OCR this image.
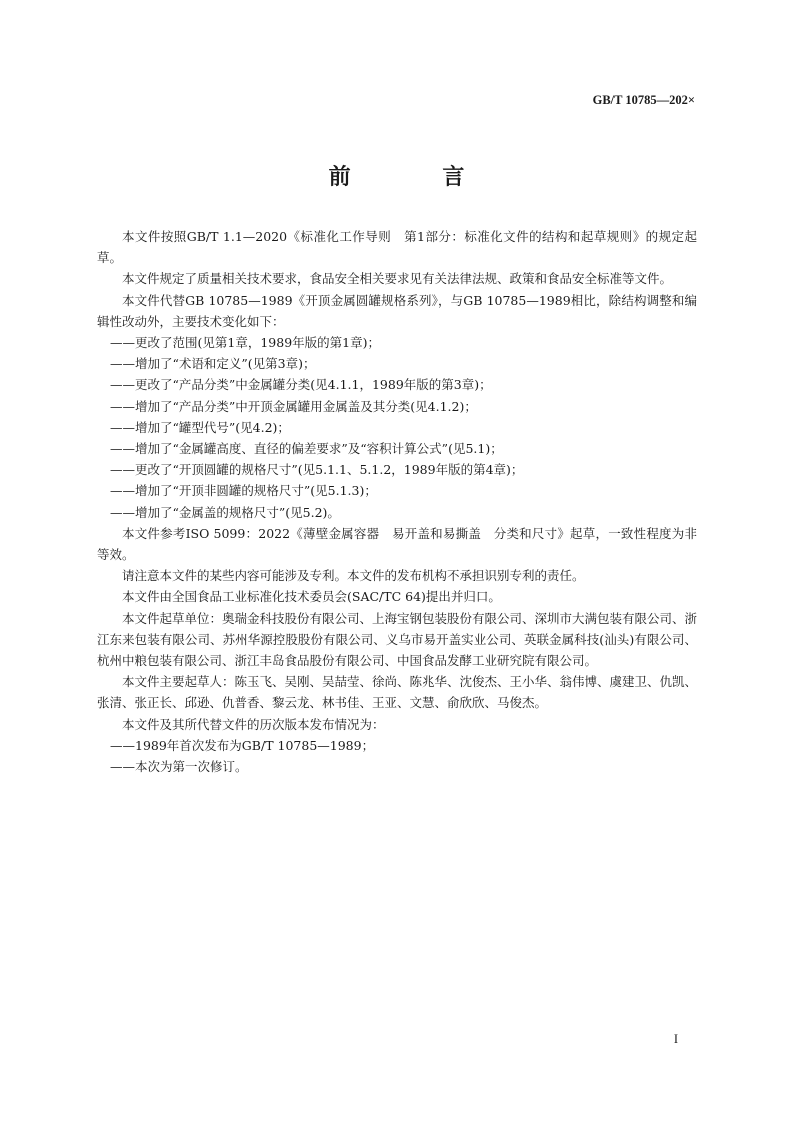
GB/T 10785—202×
前 言

本文件按照GB/T 1.1—2020《标准化工作导则　第1部分：标准化文件的结构和起草规则》的规定起草。

本文件规定了质量相关技术要求，食品安全相关要求见有关法律法规、政策和食品安全标准等文件。

本文件代替GB 10785—1989《开顶金属圆罐规格系列》，与GB 10785—1989相比，除结构调整和编辑性改动外，主要技术变化如下：

——更改了范围(见第1章，1989年版的第1章)；

——增加了“术语和定义”(见第3章)；

——更改了“产品分类”中金属罐分类(见4.1.1，1989年版的第3章)；

——增加了“产品分类”中开顶金属罐用金属盖及其分类(见4.1.2)；

——增加了“罐型代号”(见4.2)；

——增加了“金属罐高度、直径的偏差要求”及“容积计算公式”(见5.1)；

——更改了“开顶圆罐的规格尺寸”(见5.1.1、5.1.2，1989年版的第4章)；

——增加了“开顶非圆罐的规格尺寸”(见5.1.3)；

——增加了“金属盖的规格尺寸”(见5.2)。

本文件参考ISO 5099：2022《薄壁金属容器　易开盖和易撕盖　分类和尺寸》起草，一致性程度为非等效。

请注意本文件的某些内容可能涉及专利。本文件的发布机构不承担识别专利的责任。

本文件由全国食品工业标准化技术委员会(SAC/TC 64)提出并归口。

本文件起草单位：奥瑞金科技股份有限公司、上海宝钢包装股份有限公司、深圳市大满包装有限公司、浙江东来包装有限公司、苏州华源控股股份有限公司、义乌市易开盖实业公司、英联金属科技(汕头)有限公司、杭州中粮包装有限公司、浙江丰岛食品股份有限公司、中国食品发酵工业研究院有限公司。

本文件主要起草人：陈玉飞、吴刚、吴喆莹、徐尚、陈兆华、沈俊杰、王小华、翁伟博、虞建卫、仇凯、张清、张正长、邱逊、仇普香、黎云龙、林书佳、王亚、文慧、俞欣欣、马俊杰。

本文件及其所代替文件的历次版本发布情况为：

——1989年首次发布为GB/T 10785—1989；

——本次为第一次修订。

I
